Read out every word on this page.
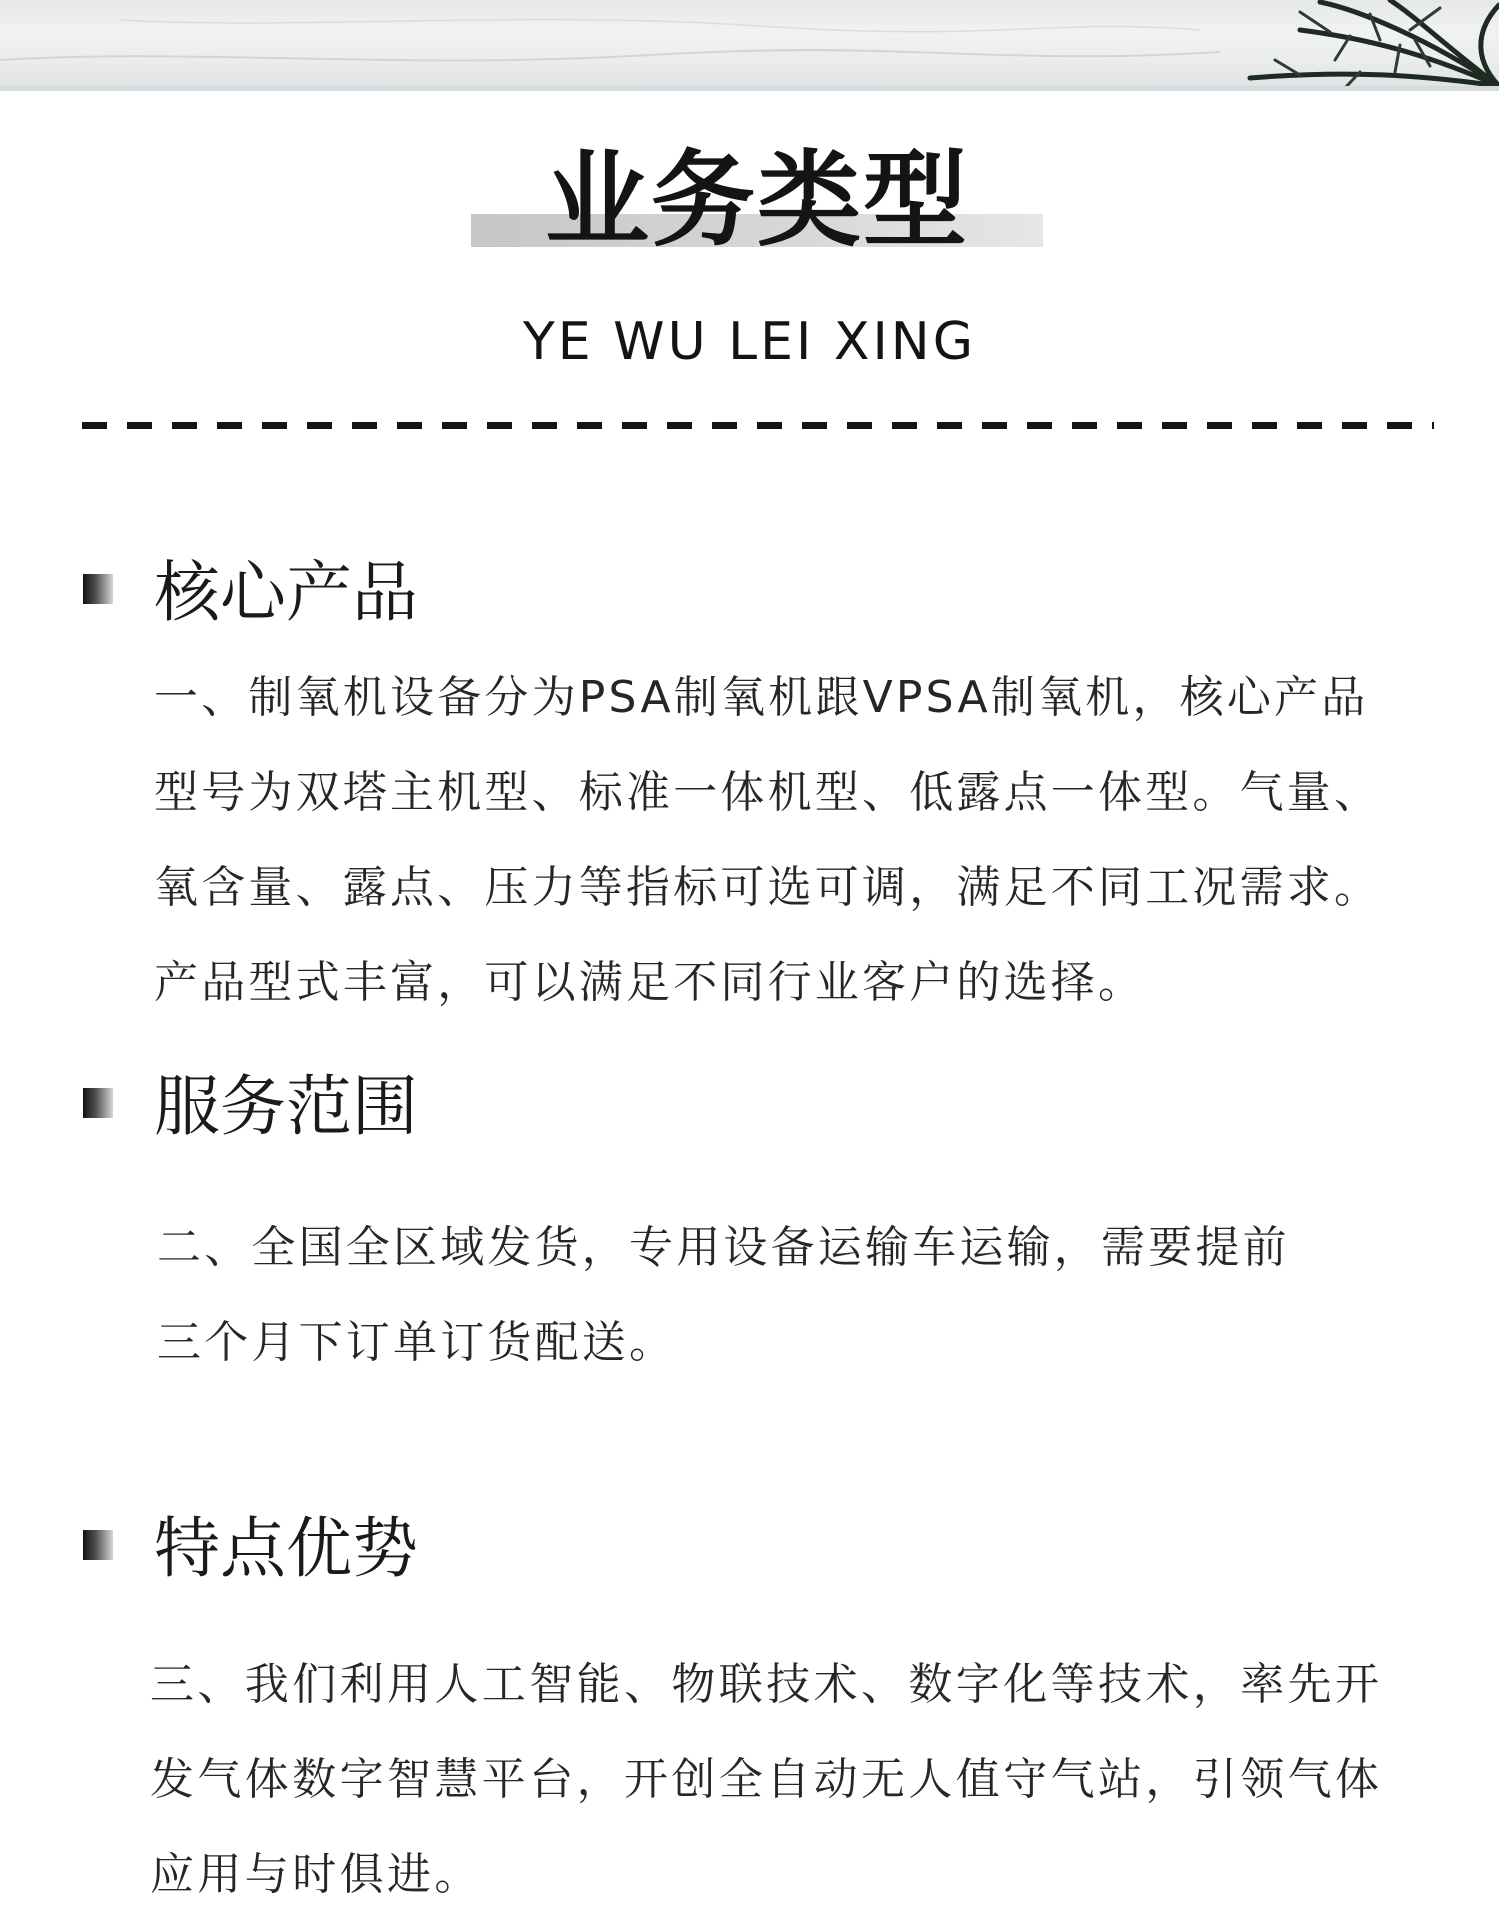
业务类型
YE WU LEI XING
核心产品
一、制氧机设备分为PSA制氧机跟VPSA制氧机，核心产品
型号为双塔主机型、标准一体机型、低露点一体型。气量、
氧含量、露点、压力等指标可选可调，满足不同工况需求。
产品型式丰富，可以满足不同行业客户的选择。
服务范围
二、全国全区域发货，专用设备运输车运输，需要提前
三个月下订单订货配送。
特点优势
三、我们利用人工智能、物联技术、数字化等技术，率先开
发气体数字智慧平台，开创全自动无人值守气站，引领气体
应用与时俱进。
